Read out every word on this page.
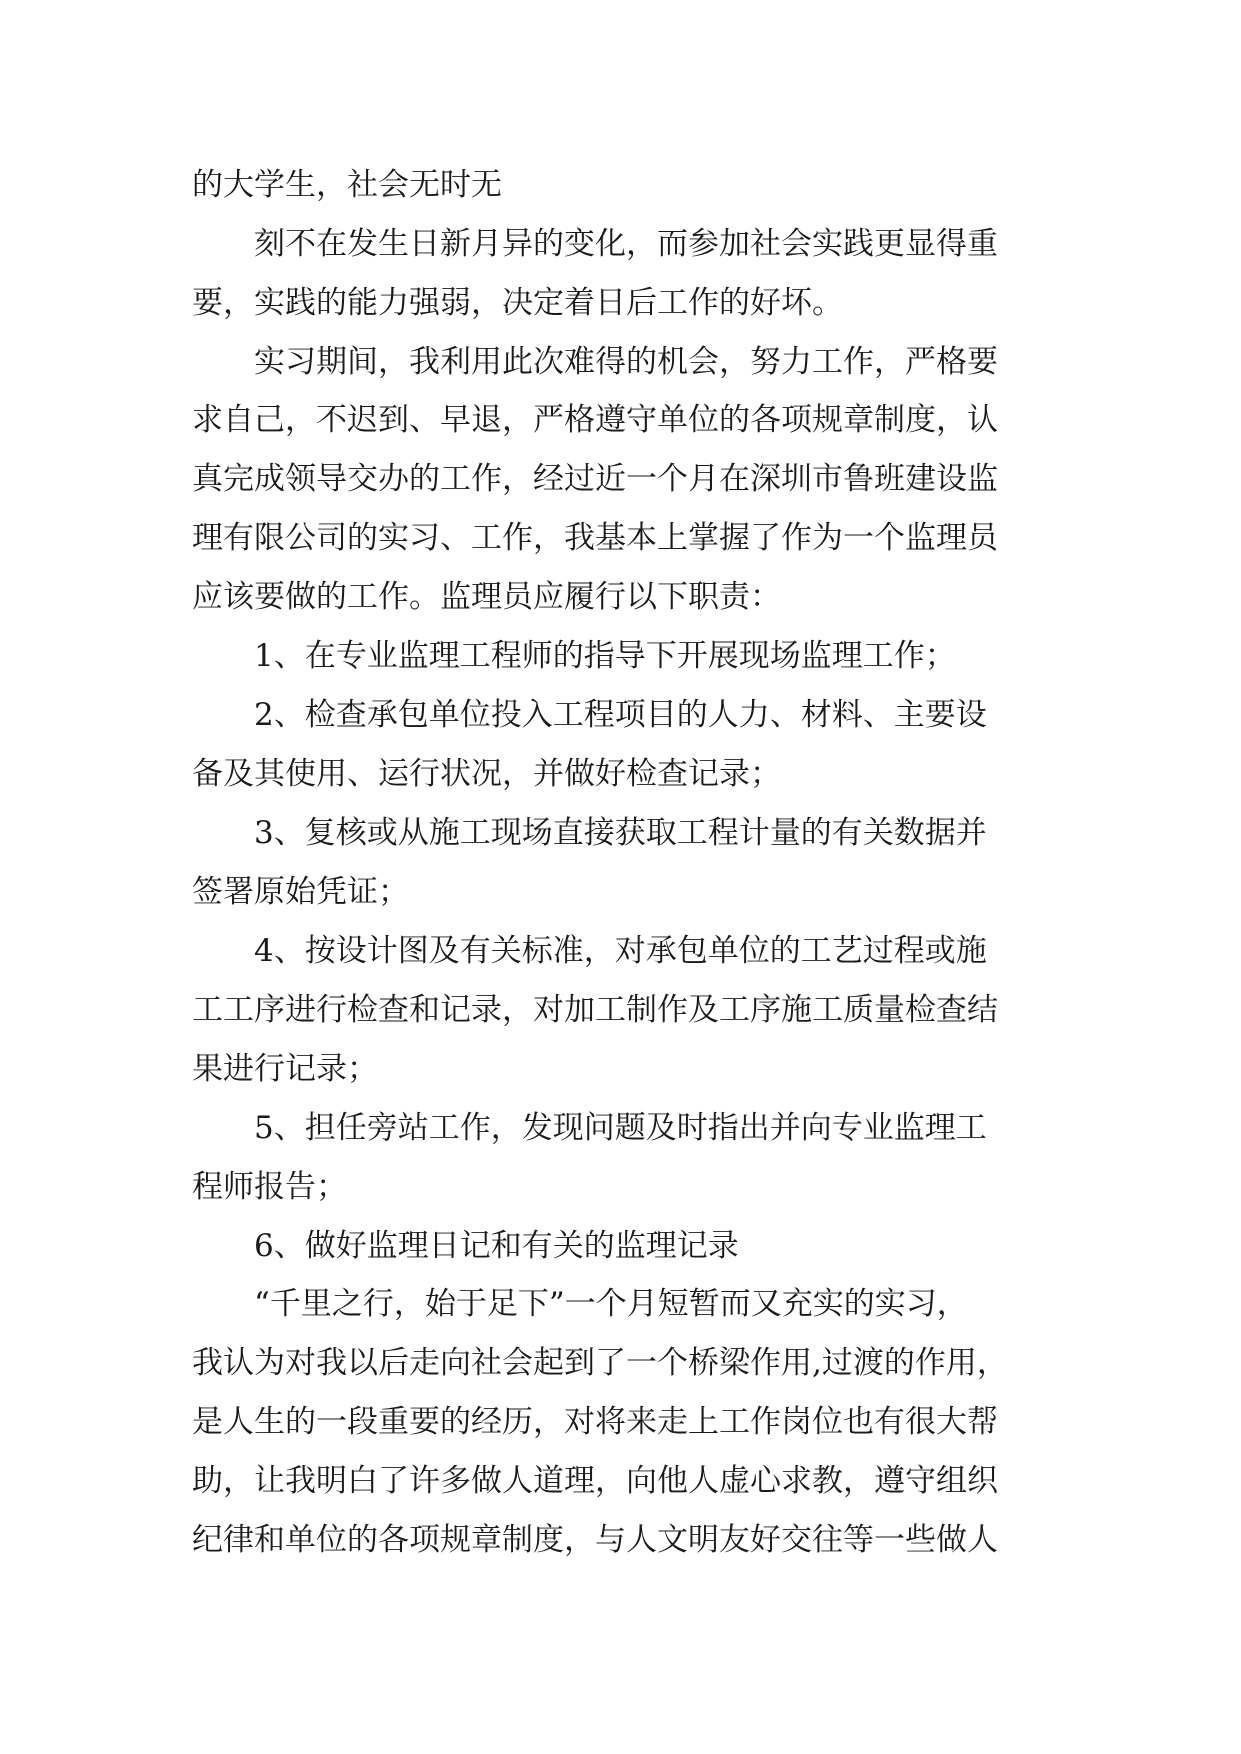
的大学生，社会无时无
刻不在发生日新月异的变化，而参加社会实践更显得重
要，实践的能力强弱，决定着日后工作的好坏。
实习期间，我利用此次难得的机会，努力工作，严格要
求自己，不迟到、早退，严格遵守单位的各项规章制度，认
真完成领导交办的工作，经过近一个月在深圳市鲁班建设监
理有限公司的实习、工作，我基本上掌握了作为一个监理员
应该要做的工作。监理员应履行以下职责：
1、在专业监理工程师的指导下开展现场监理工作；
2、检查承包单位投入工程项目的人力、材料、主要设
备及其使用、运行状况，并做好检查记录；
3、复核或从施工现场直接获取工程计量的有关数据并
签署原始凭证；
4、按设计图及有关标准，对承包单位的工艺过程或施
工工序进行检查和记录，对加工制作及工序施工质量检查结
果进行记录；
5、担任旁站工作，发现问题及时指出并向专业监理工
程师报告；
6、做好监理日记和有关的监理记录
“千里之行，始于足下”一个月短暂而又充实的实习，
我认为对我以后走向社会起到了一个桥梁作用,过渡的作用，
是人生的一段重要的经历，对将来走上工作岗位也有很大帮
助，让我明白了许多做人道理，向他人虚心求教，遵守组织
纪律和单位的各项规章制度，与人文明友好交往等一些做人
